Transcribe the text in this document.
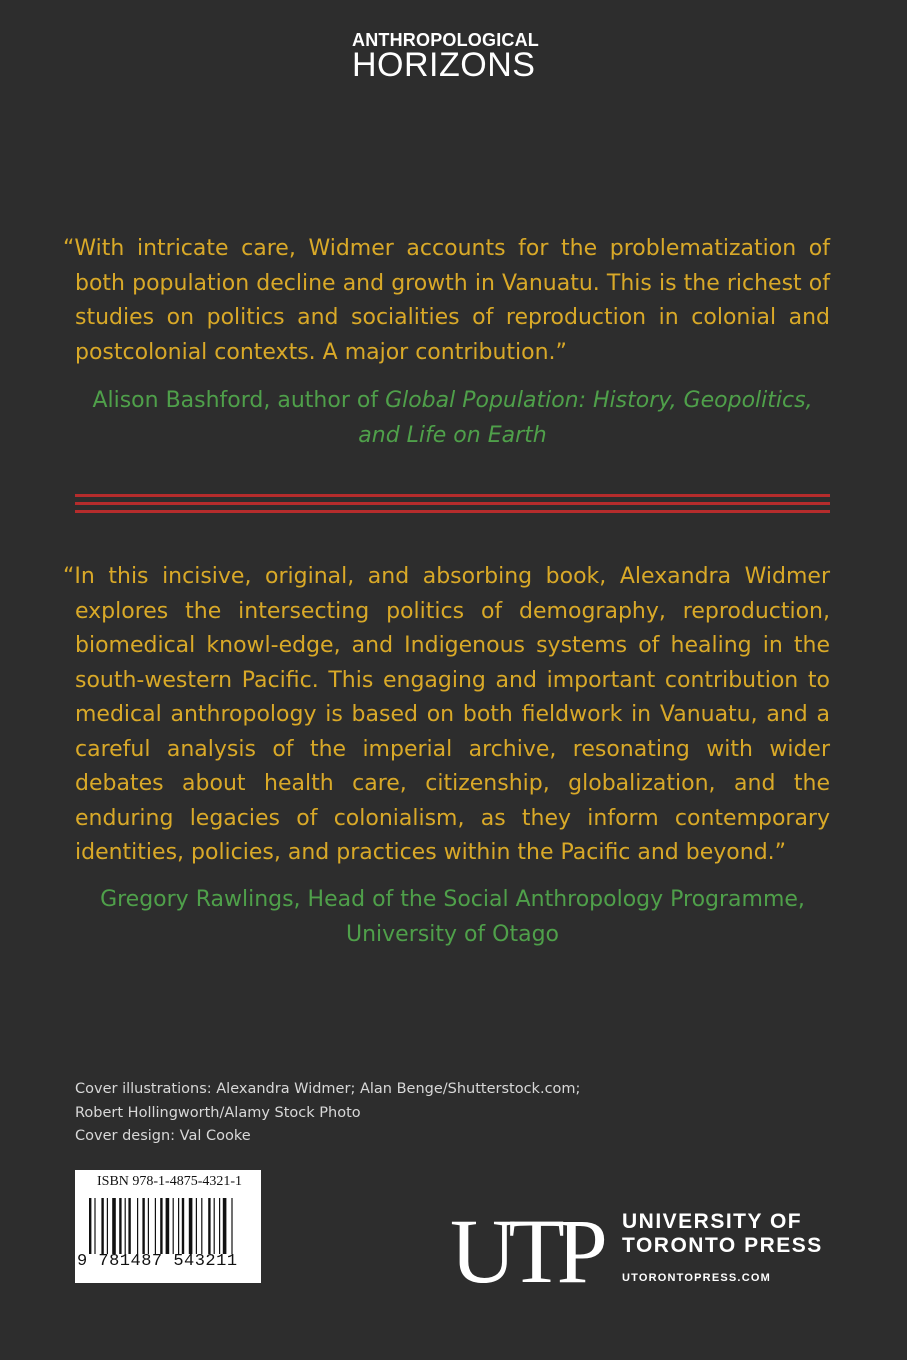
ANTHROPOLOGICAL
HORIZONS

“With intricate care, Widmer accounts for the problematization of both population decline and growth in Vanuatu. This is the richest of studies on politics and socialities of reproduction in colonial and postcolonial contexts. A major contribution.”

Alison Bashford, author of Global Population: History, Geopolitics, and Life on Earth

“In this incisive, original, and absorbing book, Alexandra Widmer explores the intersecting politics of demography, reproduction, biomedical knowl-edge, and Indigenous systems of healing in the south-western Pacific. This engaging and important contribution to medical anthropology is based on both fieldwork in Vanuatu, and a careful analysis of the imperial archive, resonating with wider debates about health care, citizenship, globalization, and the enduring legacies of colonialism, as they inform contemporary identities, policies, and practices within the Pacific and beyond.”

Gregory Rawlings, Head of the Social Anthropology Programme,
University of Otago

Cover illustrations: Alexandra Widmer; Alan Benge/Shutterstock.com;
Robert Hollingworth/Alamy Stock Photo
Cover design: Val Cooke
ISBN 978-1-4875-4321-1
9 781487 543211 UTP UNIVERSITY OF
TORONTO PRESS
UTORONTOPRESS.COM
